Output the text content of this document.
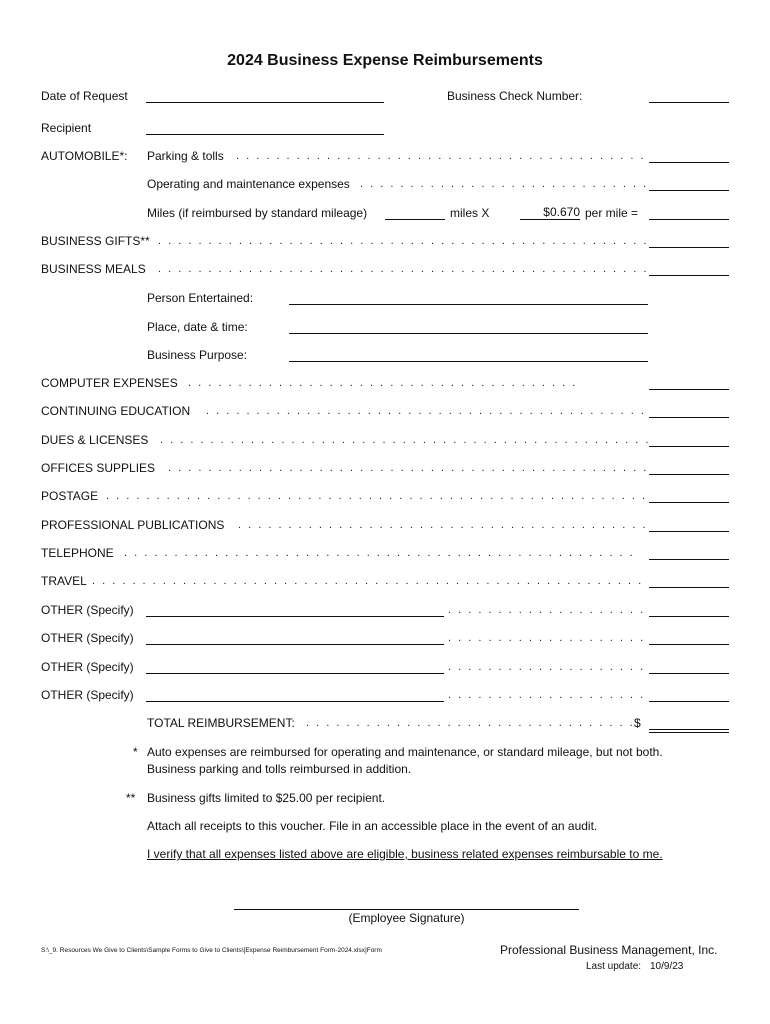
2024 Business Expense Reimbursements
Date of Request	Business Check Number:
Recipient
AUTOMOBILE*: Parking & tolls
. . .
Operating and maintenance expenses
. . .
Miles (if reimbursed by standard mileage)	miles X	$0.670 per mile =
BUSINESS GIFTS**
. . .
BUSINESS MEALS
. . .
Person Entertained:
Place, date & time:
Business Purpose:
COMPUTER EXPENSES
. . .
CONTINUING EDUCATION
. . .
DUES & LICENSES
. . .
OFFICES SUPPLIES
. . .
POSTAGE
. . .
PROFESSIONAL PUBLICATIONS
. . .
TELEPHONE
. . .
TRAVEL
. . .
OTHER (Specify)
. . .
OTHER (Specify)
. . .
OTHER (Specify)
. . .
OTHER (Specify)
. . .
TOTAL REIMBURSEMENT:
. . .	$
* Auto expenses are reimbursed for operating and maintenance, or standard mileage, but not both.
Business parking and tolls reimbursed in addition.
** Business gifts limited to $25.00 per recipient.
Attach all receipts to this voucher. File in an accessible place in the event of an audit.
I verify that all expenses listed above are eligible, business related expenses reimbursable to me.
(Employee Signature)
S:\_9. Resources We Give to Clients\Sample Forms to Give to Clients\[Expense Reimbursement Form-2024.xlsx]Form	Professional Business Management, Inc.
Last update: 10/9/23
